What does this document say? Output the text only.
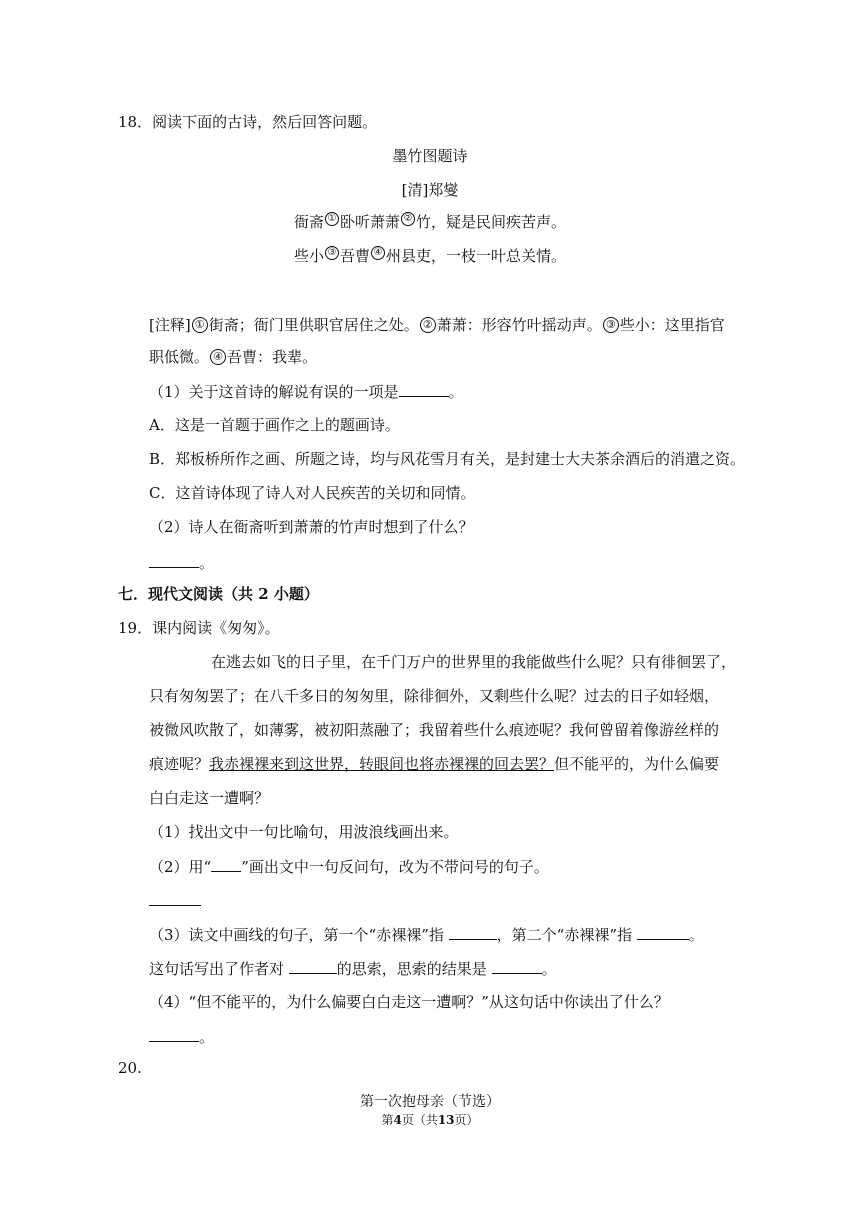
18．阅读下面的古诗，然后回答问题。
墨竹图题诗
[清]郑燮
衙斋 ① 卧听萧萧 ② 竹，疑是民间疾苦声。
些小 ③ 吾曹 ④ 州县吏，一枝一叶总关情。
[注释] ① 街斋；衙门里供职官居住之处。 ② 萧萧：形容竹叶摇动声。 ③ 些小：这里指官
职低微。 ④ 吾曹：我辈。
（1）关于这首诗的解说有误的一项是	。
A．这是一首题于画作之上的题画诗。
B．郑板桥所作之画、所题之诗，均与风花雪月有关，是封建士大夫茶余酒后的消遣之资。
C．这首诗体现了诗人对人民疾苦的关切和同情。
（2）诗人在衙斋听到萧萧的竹声时想到了什么？
。
七．现代文阅读（共 2 小题）
19．课内阅读《匆匆》。
在逃去如飞的日子里，在千门万户的世界里的我能做些什么呢？只有徘徊罢了，
只有匆匆罢了；在八千多日的匆匆里，除徘徊外，又剩些什么呢？过去的日子如轻烟，
被微风吹散了，如薄雾，被初阳蒸融了；我留着些什么痕迹呢？我何曾留着像游丝样的
痕迹呢？我赤裸裸来到这世界，转眼间也将赤裸裸的回去罢？但不能平的，为什么偏要
白白走这一遭啊？
（1）找出文中一句比喻句，用波浪线画出来。
（2）用“ ”画出文中一句反问句，改为不带问号的句子。
（3）读文中画线的句子，第一个“赤裸裸”指	，第二个“赤裸裸”指	。
这句话写出了作者对	的思索，思索的结果是	。
（4）“但不能平的，为什么偏要白白走这一遭啊？”从这句话中你读出了什么？
。
20.
第一次抱母亲（节选）
第4页（共13页）
